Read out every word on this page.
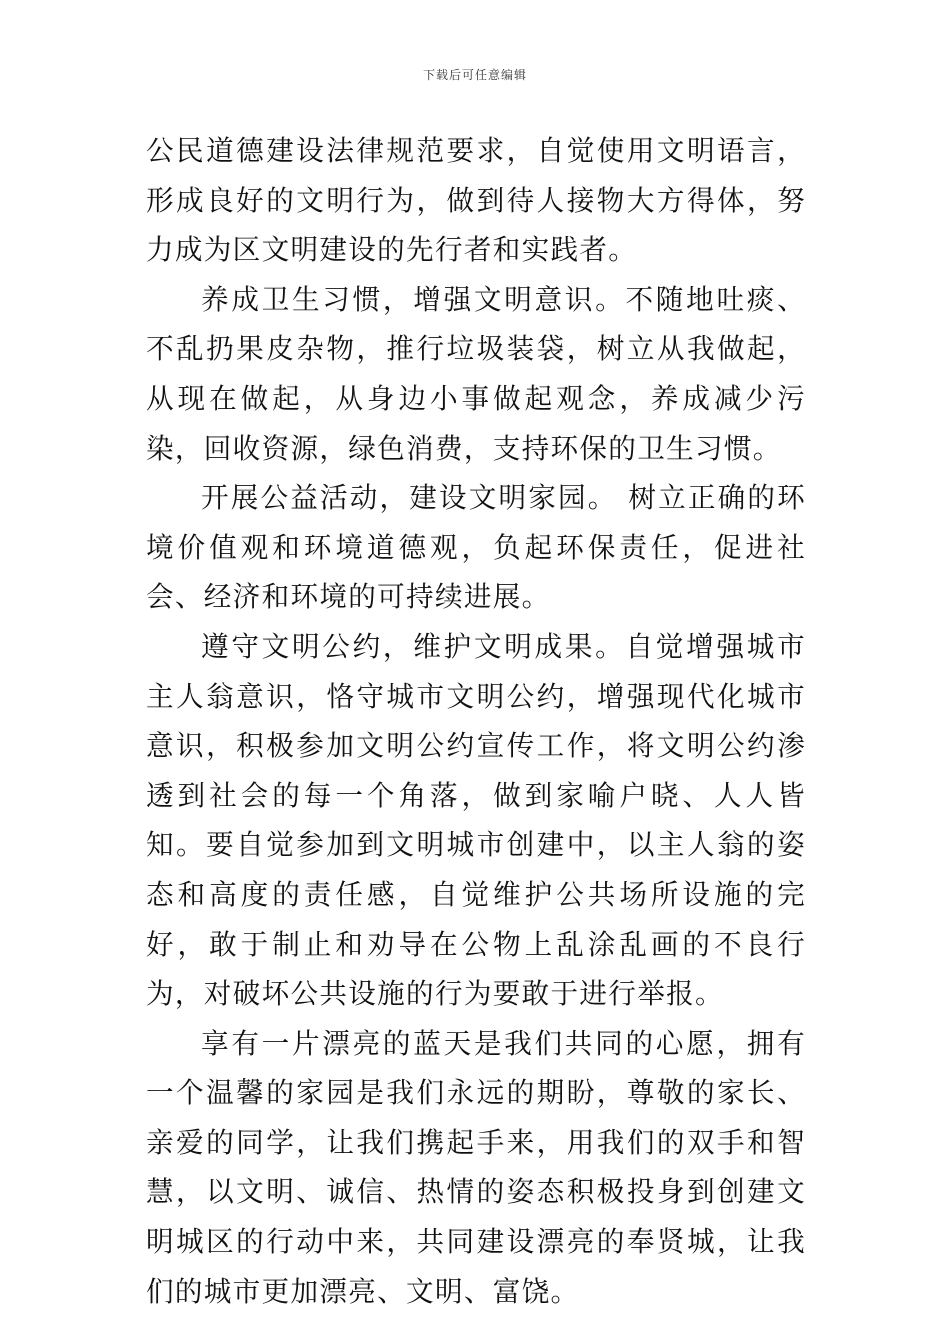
下载后可任意编辑

公民道德建设法律规范要求，自觉使用文明语言，形成良好的文明行为，做到待人接物大方得体，努力成为区文明建设的先行者和实践者。

养成卫生习惯，增强文明意识。不随地吐痰、不乱扔果皮杂物，推行垃圾装袋，树立从我做起，从现在做起，从身边小事做起观念，养成减少污染，回收资源，绿色消费，支持环保的卫生习惯。

开展公益活动，建设文明家园。 树立正确的环境价值观和环境道德观，负起环保责任，促进社会、经济和环境的可持续进展。

遵守文明公约，维护文明成果。自觉增强城市主人翁意识，恪守城市文明公约，增强现代化城市意识，积极参加文明公约宣传工作，将文明公约渗透到社会的每一个角落，做到家喻户晓、人人皆知。要自觉参加到文明城市创建中，以主人翁的姿态和高度的责任感，自觉维护公共场所设施的完好，敢于制止和劝导在公物上乱涂乱画的不良行为，对破坏公共设施的行为要敢于进行举报。

享有一片漂亮的蓝天是我们共同的心愿，拥有一个温馨的家园是我们永远的期盼，尊敬的家长、亲爱的同学，让我们携起手来，用我们的双手和智慧，以文明、诚信、热情的姿态积极投身到创建文明城区的行动中来，共同建设漂亮的奉贤城，让我们的城市更加漂亮、文明、富饶。
